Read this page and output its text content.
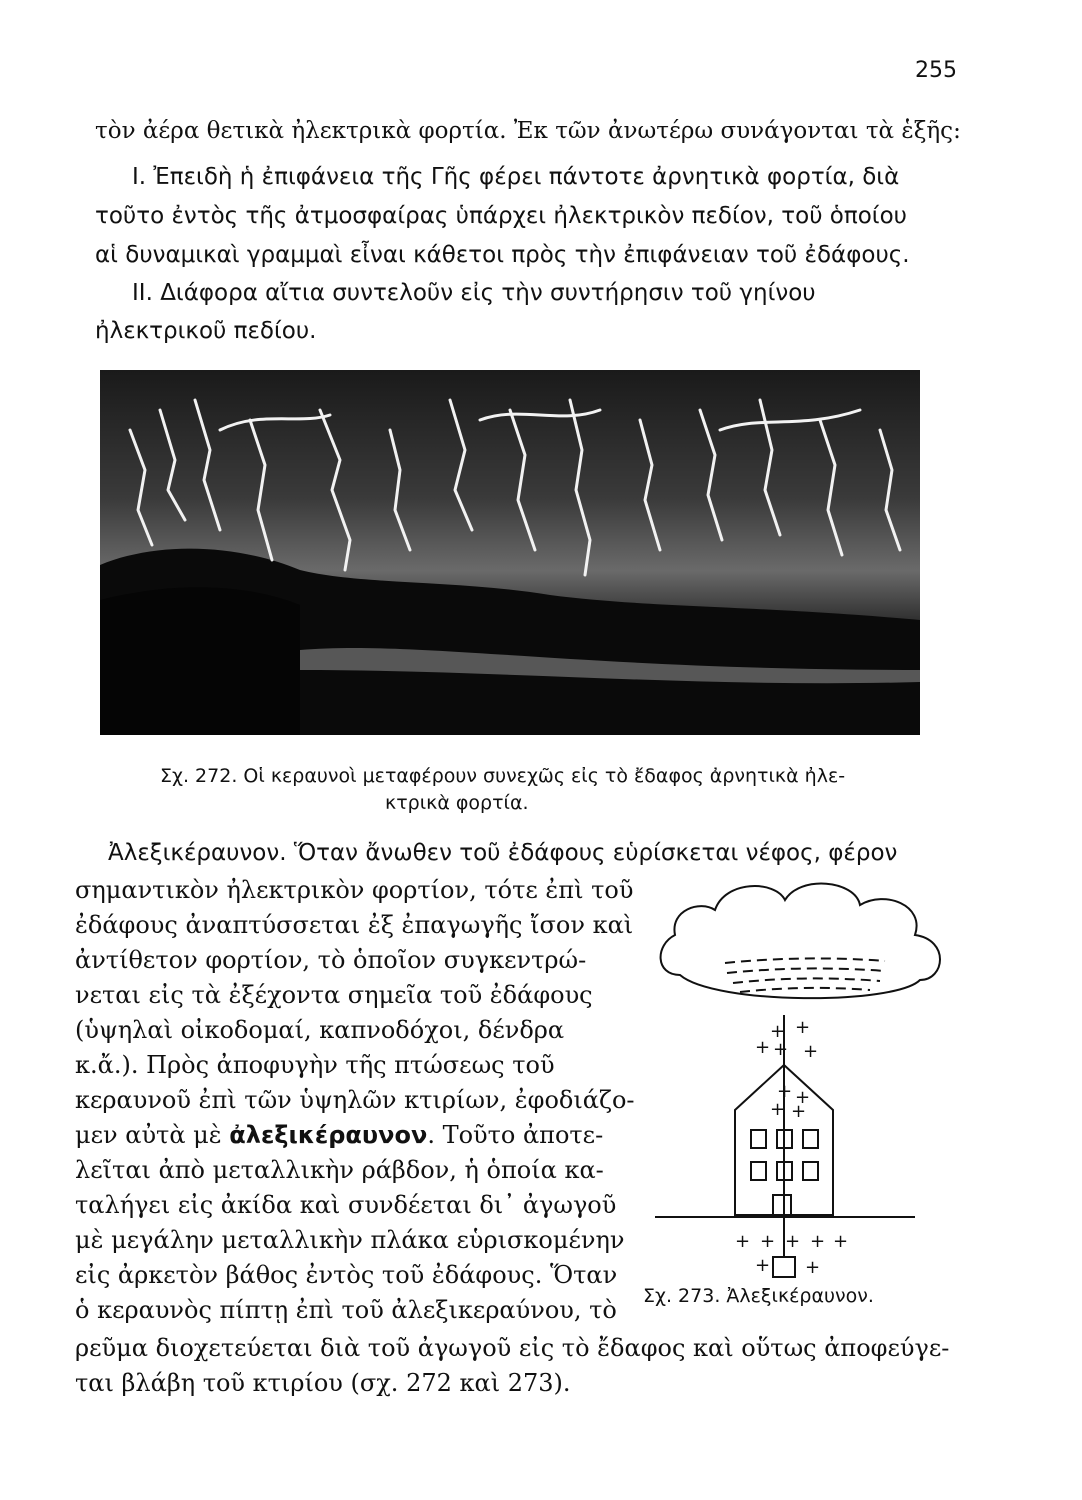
255
τὸν ἀέρα θετικὰ ἠλεκτρικὰ φορτία. Ἐκ τῶν ἀνωτέρω συνάγονται τὰ ἑξῆς:
I. Ἐπειδὴ ἡ ἐπιφάνεια τῆς Γῆς φέρει πάντοτε ἀρνητικὰ φορτία, διὰ
τοῦτο ἐντὸς τῆς ἀτμοσφαίρας ὑπάρχει ἠλεκτρικὸν πεδίον, τοῦ ὁποίου
αἱ δυναμικαὶ γραμμαὶ εἶναι κάθετοι πρὸς τὴν ἐπιφάνειαν τοῦ ἐδάφους.
II. Διάφορα αἴτια συντελοῦν εἰς τὴν συντήρησιν τοῦ γηίνου
ἠλεκτρικοῦ πεδίου.
Σχ. 272. Οἱ κεραυνοὶ μεταφέρουν συνεχῶς εἰς τὸ ἔδαφος ἀρνητικὰ ἠλε-
κτρικὰ φορτία.
Ἀλεξικέραυνον. Ὅταν ἄνωθεν τοῦ ἐδάφους εὑρίσκεται νέφος, φέρον
σημαντικὸν ἠλεκτρικὸν φορτίον, τότε ἐπὶ τοῦ
ἐδάφους ἀναπτύσσεται ἐξ ἐπαγωγῆς ἴσον καὶ
ἀντίθετον φορτίον, τὸ ὁποῖον συγκεντρώ-
νεται εἰς τὰ ἐξέχοντα σημεῖα τοῦ ἐδάφους
(ὑψηλαὶ οἰκοδομαί, καπνοδόχοι, δένδρα
κ.ἄ.). Πρὸς ἀποφυγὴν τῆς πτώσεως τοῦ
κεραυνοῦ ἐπὶ τῶν ὑψηλῶν κτιρίων, ἐφοδιάζο-
μεν αὐτὰ μὲ ἀλεξικέραυνον. Τοῦτο ἀποτε-
λεῖται ἀπὸ μεταλλικὴν ράβδον, ἡ ὁποία κα-
ταλήγει εἰς ἀκίδα καὶ συνδέεται δι᾽ ἀγωγοῦ
μὲ μεγάλην μεταλλικὴν πλάκα εὑρισκομένην
εἰς ἀρκετὸν βάθος ἐντὸς τοῦ ἐδάφους. Ὅταν
ὁ κεραυνὸς πίπτῃ ἐπὶ τοῦ ἀλεξικεραύνου, τὸ
ρεῦμα διοχετεύεται διὰ τοῦ ἀγωγοῦ εἰς τὸ ἔδαφος καὶ οὕτως ἀποφεύγε-
ται βλάβη τοῦ κτιρίου (σχ. 272 καὶ 273).
+ +
+ + +
+ +
+ +
+ + + + +
+ +
Σχ. 273. Ἀλεξικέραυνον.
